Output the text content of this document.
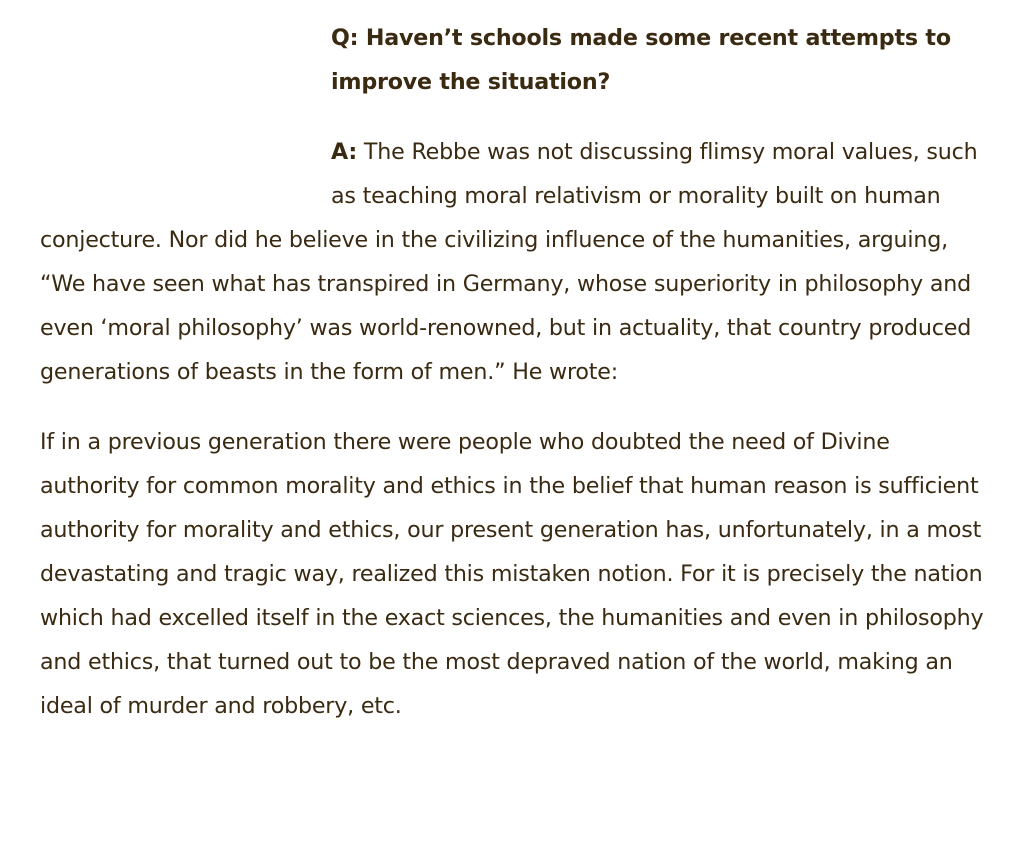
Q: Haven’t schools made some recent attempts to improve the situation?

A: The Rebbe was not discussing flimsy moral values, such as teaching moral relativism or morality built on human conjecture. Nor did he believe in the civilizing influence of the humanities, arguing, “We have seen what has transpired in Germany, whose superiority in philosophy and even ‘moral philosophy’ was world-renowned, but in actuality, that country produced generations of beasts in the form of men.” He wrote:

If in a previous generation there were people who doubted the need of Divine authority for common morality and ethics in the belief that human reason is sufficient authority for morality and ethics, our present generation has, unfortunately, in a most devastating and tragic way, realized this mistaken notion. For it is precisely the nation which had excelled itself in the exact sciences, the humanities and even in philosophy and ethics, that turned out to be the most depraved nation of the world, making an ideal of murder and robbery, etc.
